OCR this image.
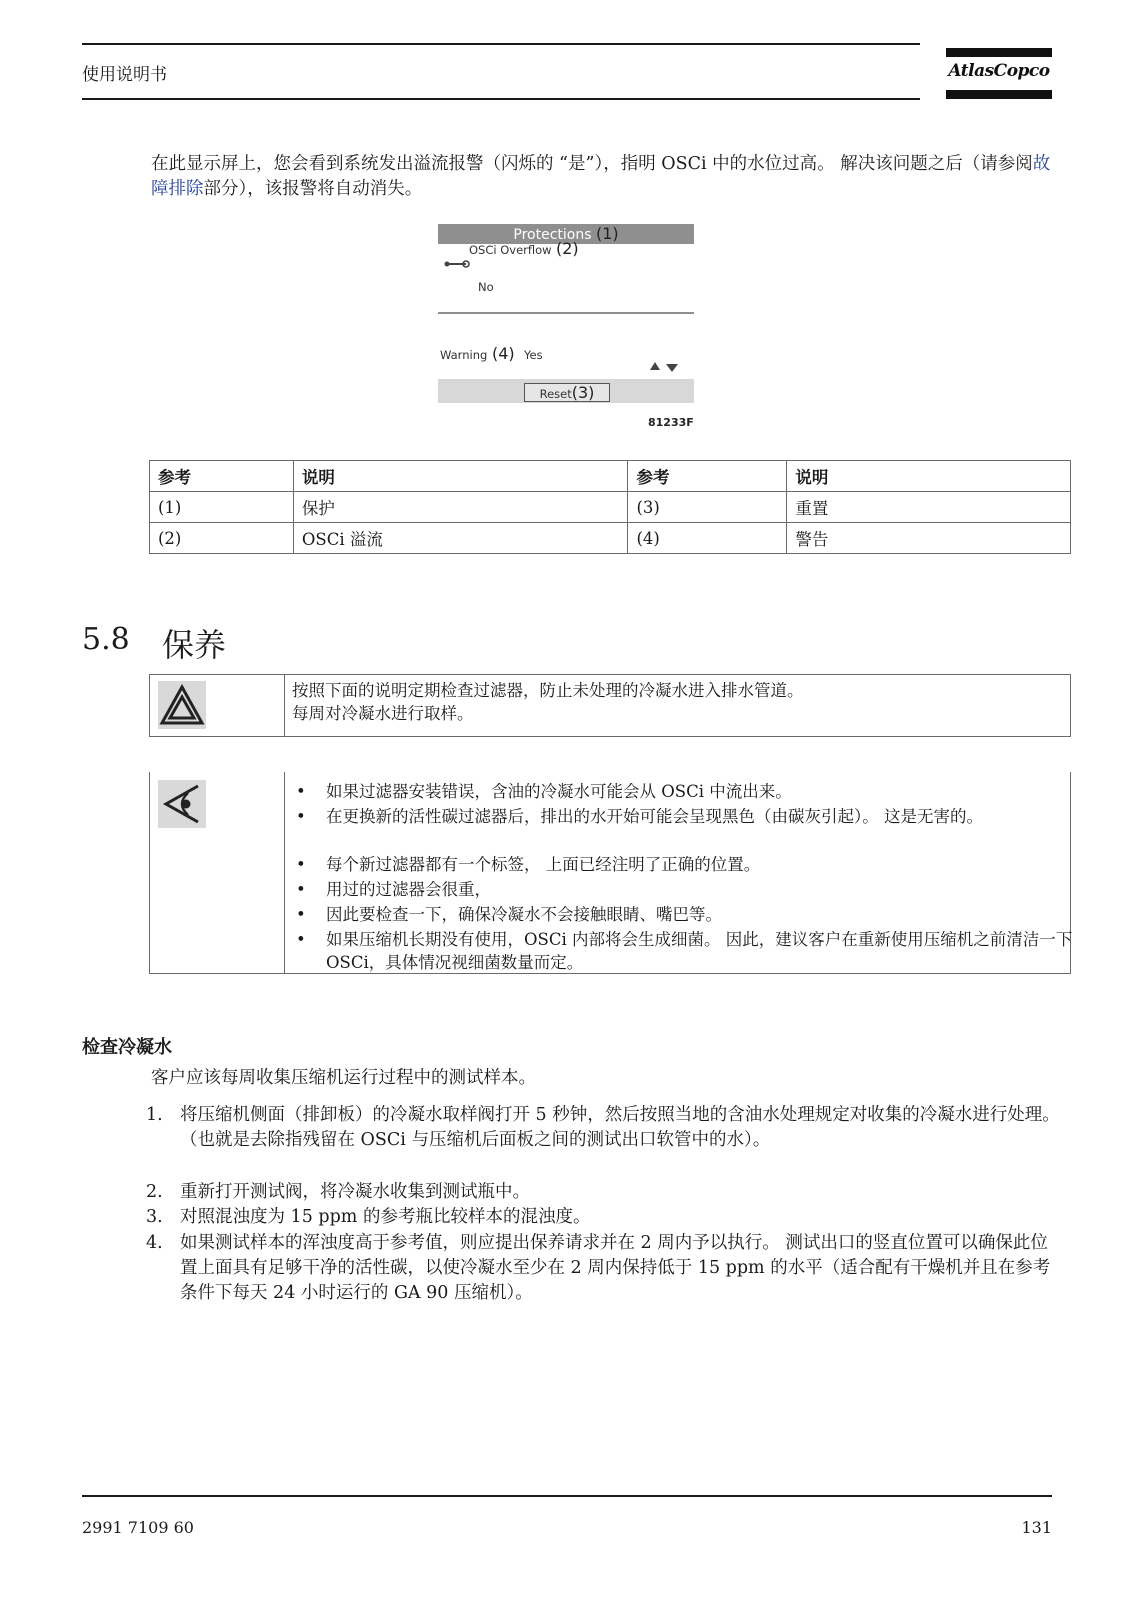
使用说明书	AtlasCopco
在此显示屏上，您会看到系统发出溢流报警（闪烁的 “是”），指明 OSCi 中的水位过高。 解决该问题之后（请参阅故障排除部分），该报警将自动消失。
Protections (1)
OSCi Overflow (2)
No
Warning (4) Yes
Reset(3)
81233F
参考	说明	参考	说明
(1)	保护	(3)	重置
(2)	OSCi 溢流	(4)	警告
5.8 保养
按照下面的说明定期检查过滤器，防止未处理的冷凝水进入排水管道。
每周对冷凝水进行取样。
• 如果过滤器安装错误，含油的冷凝水可能会从 OSCi 中流出来。
• 在更换新的活性碳过滤器后，排出的水开始可能会呈现黑色（由碳灰引起）。 这是无害的。
• 每个新过滤器都有一个标签， 上面已经注明了正确的位置。
• 用过的过滤器会很重，
• 因此要检查一下，确保冷凝水不会接触眼睛、嘴巴等。
• 如果压缩机长期没有使用，OSCi 内部将会生成细菌。 因此，建议客户在重新使用压缩机之前清洁一下 OSCi，具体情况视细菌数量而定。
检查冷凝水
客户应该每周收集压缩机运行过程中的测试样本。
1. 将压缩机侧面（排卸板）的冷凝水取样阀打开 5 秒钟，然后按照当地的含油水处理规定对收集的冷凝水进行处理。 （也就是去除指残留在 OSCi 与压缩机后面板之间的测试出口软管中的水）。
2. 重新打开测试阀，将冷凝水收集到测试瓶中。
3. 对照混浊度为 15 ppm 的参考瓶比较样本的混浊度。
4. 如果测试样本的浑浊度高于参考值，则应提出保养请求并在 2 周内予以执行。 测试出口的竖直位置可以确保此位置上面具有足够干净的活性碳，以使冷凝水至少在 2 周内保持低于 15 ppm 的水平（适合配有干燥机并且在参考条件下每天 24 小时运行的 GA 90 压缩机）。
2991 7109 60	131
